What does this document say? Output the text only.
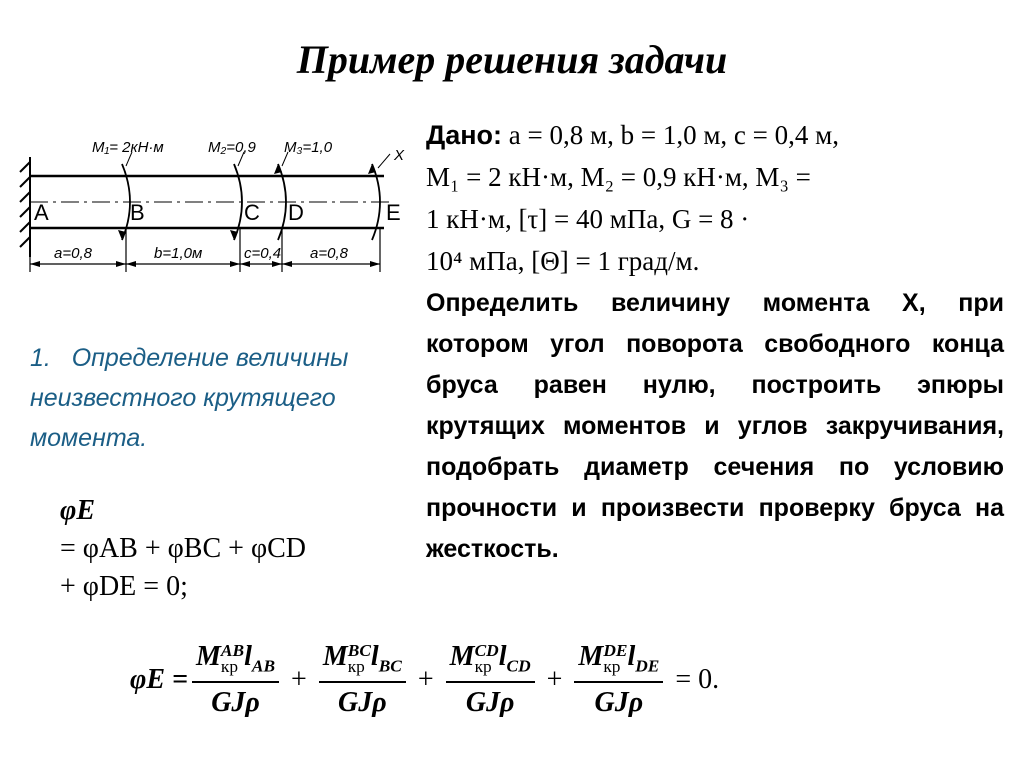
Пример решения задачи
M₁= 2кН·м	M₂=0,9 M₃=1,0	X
A	B	C D	E
a=0,8	b=1,0м	c=0,4 a=0,8
Дано: a = 0,8 м, b = 1,0 м, c = 0,4 м,
M₁ = 2 кН·м, M₂ = 0,9 кН·м, M₃ =
1 кН·м, [τ] = 40 мПа, G = 8 ·
10⁴ мПа, [Θ] = 1 град/м.
Определить величину момента X, при котором угол поворота свободного конца бруса равен нулю, построить эпюры крутящих моментов и углов закручивания, подобрать диаметр сечения по условию прочности и произвести проверку бруса на жесткость.
1. Определение величины неизвестного крутящего момента.
φE
= φAB + φBC + φCD
+ φDE = 0;
φE = M AB
кр $l_{AB}$
GJρ + M BC
кр $l_{BC}$
GJρ + M CD
кр $l_{CD}$
GJρ + M DE
кр $l_{DE}$
GJρ = 0.
